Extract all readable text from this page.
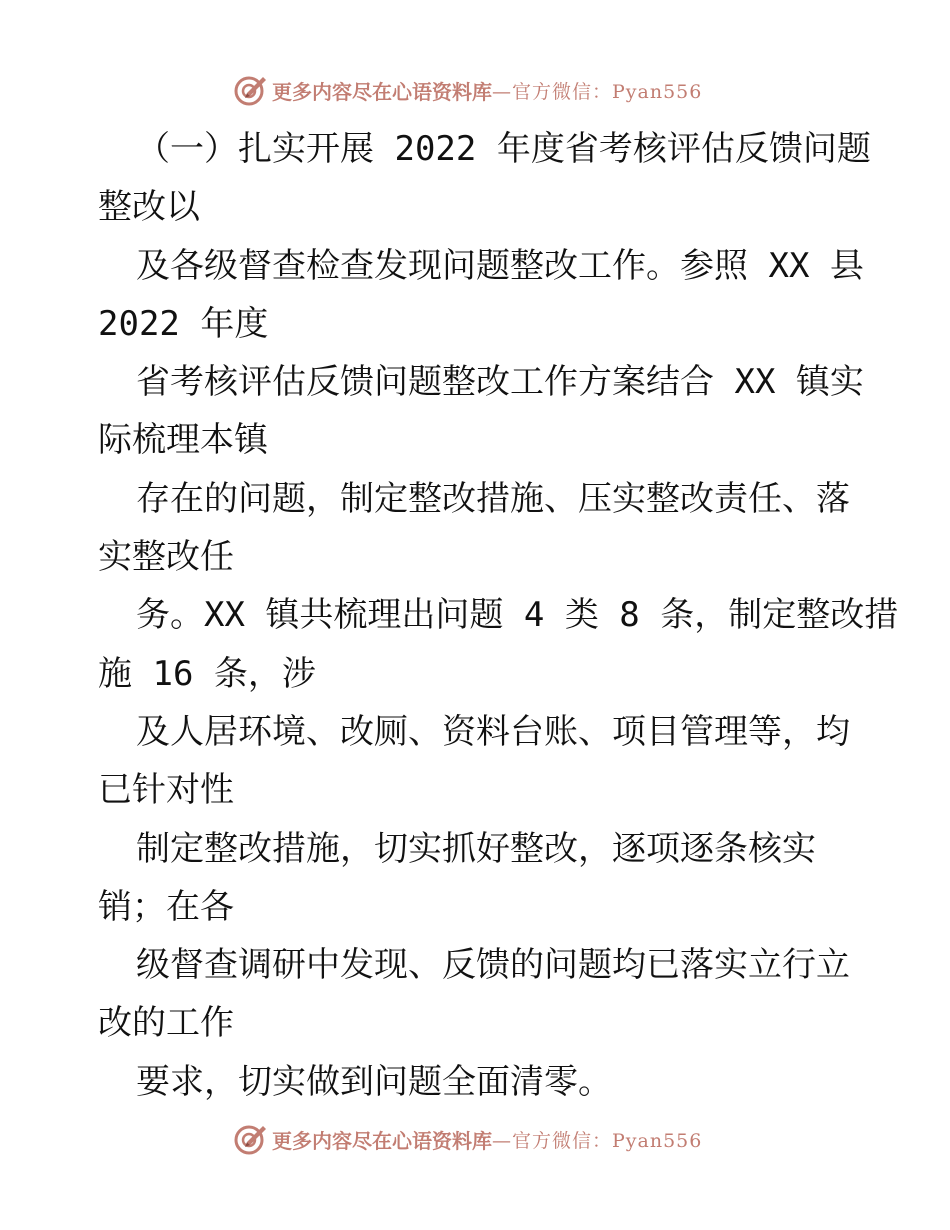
更多内容尽在心语资料库 —官方微信：Pyan556
（一）扎实开展 2022 年度省考核评估反馈问题
整改以
及各级督查检查发现问题整改工作。参照 XX 县
2022 年度
省考核评估反馈问题整改工作方案结合 XX 镇实
际梳理本镇
存在的问题，制定整改措施、压实整改责任、落
实整改任
务。XX 镇共梳理出问题 4 类 8 条，制定整改措
施 16 条，涉
及人居环境、改厕、资料台账、项目管理等，均
已针对性
制定整改措施，切实抓好整改，逐项逐条核实
销；在各
级督查调研中发现、反馈的问题均已落实立行立
改的工作
要求，切实做到问题全面清零。
更多内容尽在心语资料库 —官方微信：Pyan556
